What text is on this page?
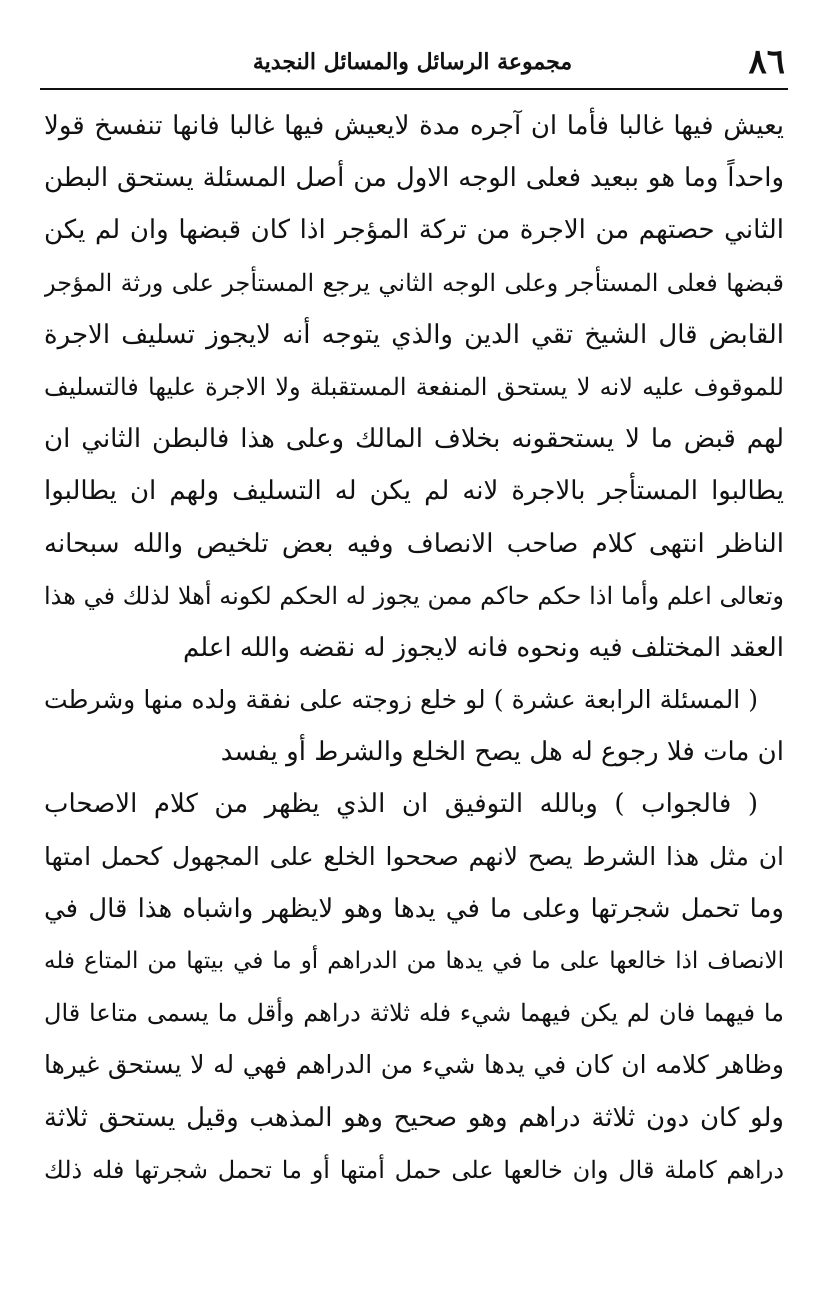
٨٦
مجموعة الرسائل والمسائل النجدية
يعيش فيها غالبا فأما ان آجره مدة لايعيش فيها غالبا فانها تنفسخ قولا
واحداً وما هو ببعيد فعلى الوجه الاول من أصل المسئلة يستحق البطن
الثاني حصتهم من الاجرة من تركة المؤجر اذا كان قبضها وان لم يكن
قبضها فعلى المستأجر وعلى الوجه الثاني يرجع المستأجر على ورثة المؤجر
القابض قال الشيخ تقي الدين والذي يتوجه أنه لايجوز تسليف الاجرة
للموقوف عليه لانه لا يستحق المنفعة المستقبلة ولا الاجرة عليها فالتسليف
لهم قبض ما لا يستحقونه بخلاف المالك وعلى هذا فالبطن الثاني ان
يطالبوا المستأجر بالاجرة لانه لم يكن له التسليف ولهم ان يطالبوا
الناظر انتهى كلام صاحب الانصاف وفيه بعض تلخيص والله سبحانه
وتعالى اعلم وأما اذا حكم حاكم ممن يجوز له الحكم لكونه أهلا لذلك في هذا
العقد المختلف فيه ونحوه فانه لايجوز له نقضه والله اعلم
( المسئلة الرابعة عشرة ) لو خلع زوجته على نفقة ولده منها وشرطت
ان مات فلا رجوع له هل يصح الخلع والشرط أو يفسد
( فالجواب ) وبالله التوفيق ان الذي يظهر من كلام الاصحاب
ان مثل هذا الشرط يصح لانهم صححوا الخلع على المجهول كحمل امتها
وما تحمل شجرتها وعلى ما في يدها وهو لايظهر واشباه هذا قال في
الانصاف اذا خالعها على ما في يدها من الدراهم أو ما في بيتها من المتاع فله
ما فيهما فان لم يكن فيهما شيء فله ثلاثة دراهم وأقل ما يسمى متاعا قال
وظاهر كلامه ان كان في يدها شيء من الدراهم فهي له لا يستحق غيرها
ولو كان دون ثلاثة دراهم وهو صحيح وهو المذهب وقيل يستحق ثلاثة
دراهم كاملة قال وان خالعها على حمل أمتها أو ما تحمل شجرتها فله ذلك
